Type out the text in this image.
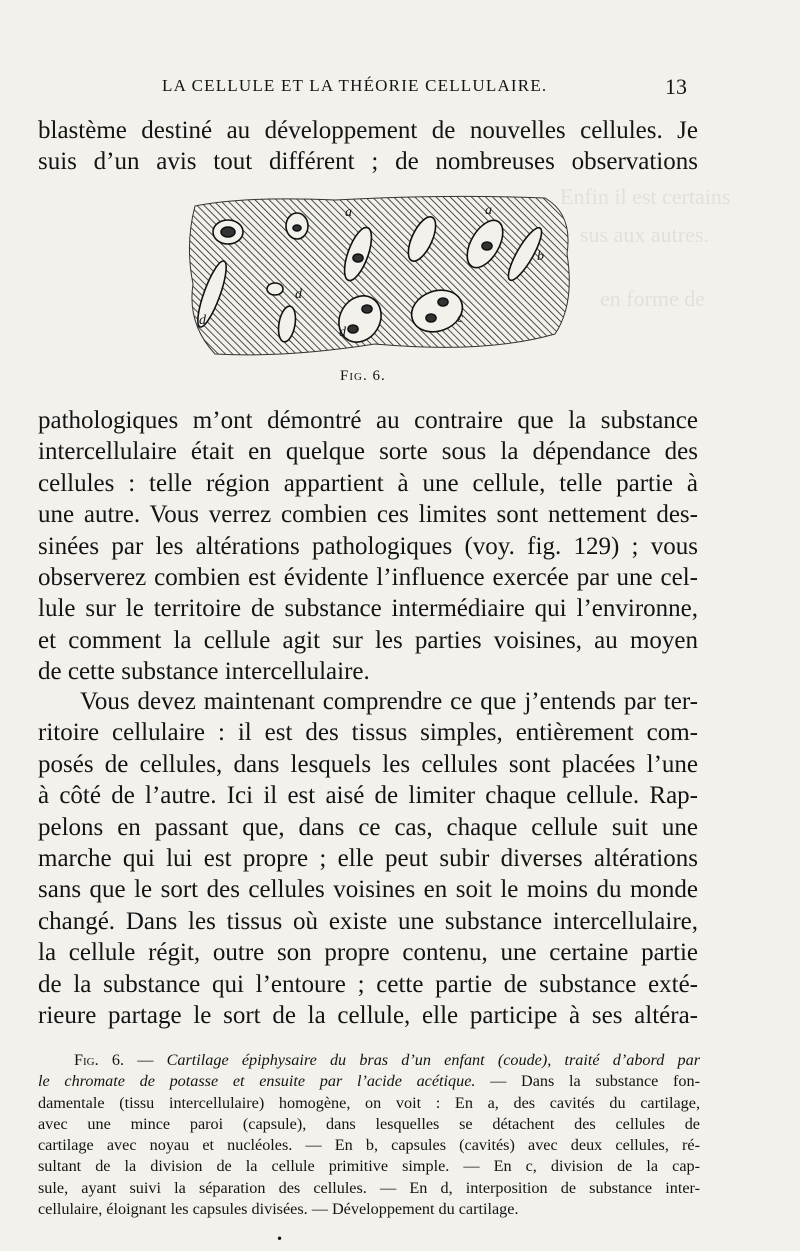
Enfin il est certains
sus aux autres.
en forme de
LA CELLULE ET LA THÉORIE CELLULAIRE.	13
blastème destiné au développement de nouvelles cellules. Je
suis d’un avis tout différent ; de nombreuses observations
a	a
b
c
d
d
d
Fig. 6.
pathologiques m’ont démontré au contraire que la substance
intercellulaire était en quelque sorte sous la dépendance des
cellules : telle région appartient à une cellule, telle partie à
une autre. Vous verrez combien ces limites sont nettement des-
sinées par les altérations pathologiques (voy. fig. 129) ; vous
observerez combien est évidente l’influence exercée par une cel-
lule sur le territoire de substance intermédiaire qui l’environne,
et comment la cellule agit sur les parties voisines, au moyen
de cette substance intercellulaire.
Vous devez maintenant comprendre ce que j’entends par ter-
ritoire cellulaire : il est des tissus simples, entièrement com-
posés de cellules, dans lesquels les cellules sont placées l’une
à côté de l’autre. Ici il est aisé de limiter chaque cellule. Rap-
pelons en passant que, dans ce cas, chaque cellule suit une
marche qui lui est propre ; elle peut subir diverses altérations
sans que le sort des cellules voisines en soit le moins du monde
changé. Dans les tissus où existe une substance intercellulaire,
la cellule régit, outre son propre contenu, une certaine partie
de la substance qui l’entoure ; cette partie de substance exté-
rieure partage le sort de la cellule, elle participe à ses altéra-
Fig. 6. — Cartilage épiphysaire du bras d’un enfant (coude), traité d’abord par
le chromate de potasse et ensuite par l’acide acétique. — Dans la substance fon-
damentale (tissu intercellulaire) homogène, on voit : En a, des cavités du cartilage,
avec une mince paroi (capsule), dans lesquelles se détachent des cellules de
cartilage avec noyau et nucléoles. — En b, capsules (cavités) avec deux cellules, ré-
sultant de la division de la cellule primitive simple. — En c, division de la cap-
sule, ayant suivi la séparation des cellules. — En d, interposition de substance inter-
cellulaire, éloignant les capsules divisées. — Développement du cartilage.
•
